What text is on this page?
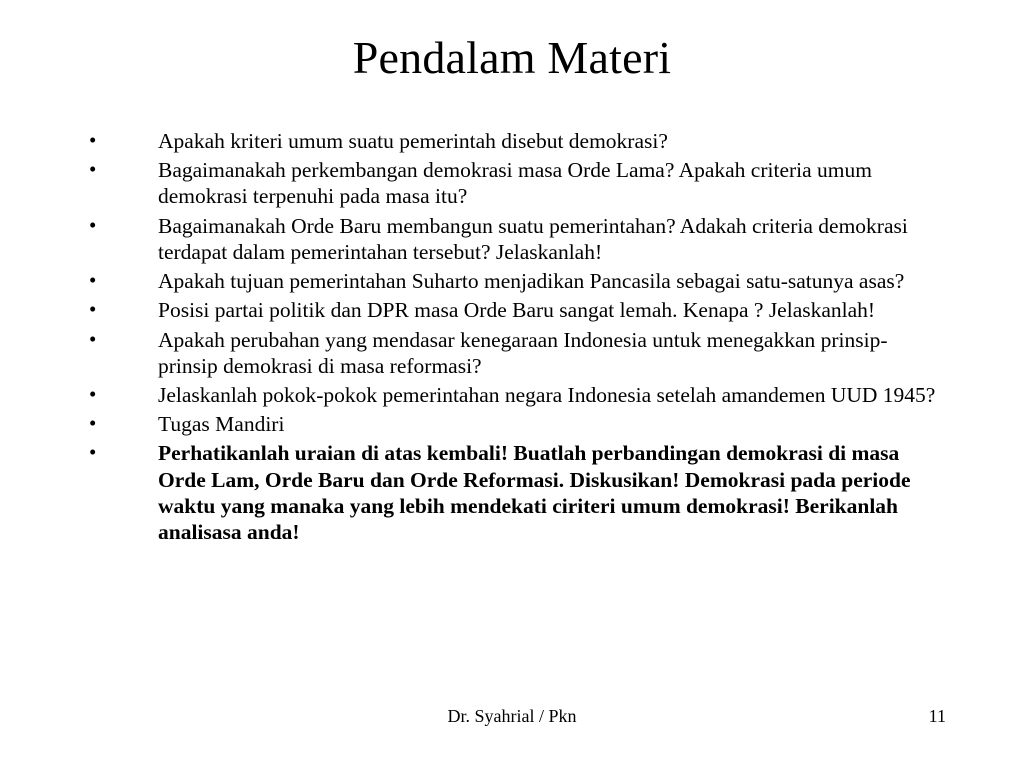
Pendalam Materi
•	Apakah kriteri umum suatu pemerintah disebut demokrasi?
•	Bagaimanakah perkembangan demokrasi masa Orde Lama? Apakah criteria umum demokrasi terpenuhi pada masa itu?
•	Bagaimanakah Orde Baru membangun suatu pemerintahan? Adakah criteria demokrasi terdapat dalam pemerintahan tersebut? Jelaskanlah!
•	Apakah tujuan pemerintahan Suharto menjadikan Pancasila sebagai satu-satunya asas?
•	Posisi partai politik dan DPR masa Orde Baru sangat lemah. Kenapa ? Jelaskanlah!
•	Apakah perubahan yang mendasar kenegaraan Indonesia untuk menegakkan prinsip-prinsip demokrasi di masa reformasi?
•	Jelaskanlah pokok-pokok pemerintahan negara Indonesia setelah amandemen UUD 1945?
•	Tugas Mandiri
•	Perhatikanlah uraian di atas kembali! Buatlah perbandingan demokrasi di masa Orde Lam, Orde Baru dan Orde Reformasi. Diskusikan! Demokrasi pada periode waktu yang manaka yang lebih mendekati ciriteri umum demokrasi! Berikanlah analisasa anda!
Dr. Syahrial / Pkn	11
